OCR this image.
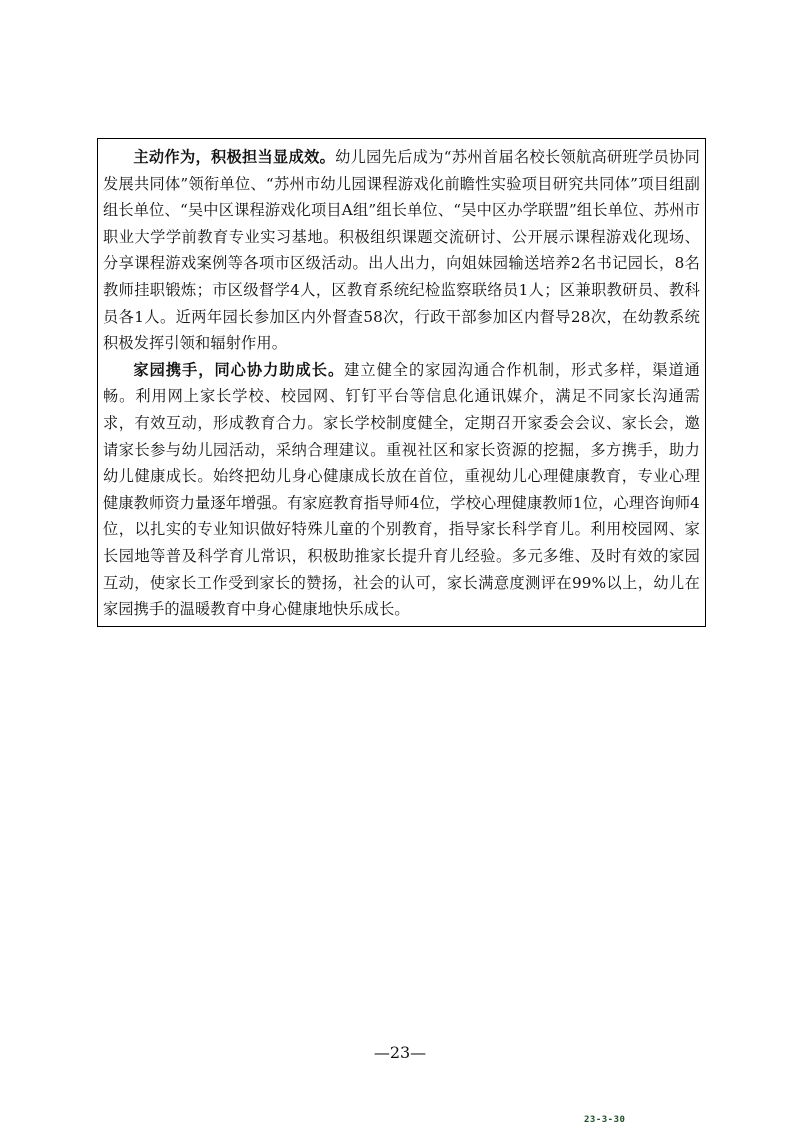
主动作为，积极担当显成效。幼儿园先后成为“苏州首届名校长领航高研班学员协同发展共同体”领衔单位、“苏州市幼儿园课程游戏化前瞻性实验项目研究共同体”项目组副组长单位、“吴中区课程游戏化项目A组”组长单位、“吴中区办学联盟”组长单位、苏州市职业大学学前教育专业实习基地。积极组织课题交流研讨、公开展示课程游戏化现场、分享课程游戏案例等各项市区级活动。出人出力，向姐妹园输送培养2名书记园长，8名教师挂职锻炼；市区级督学4人，区教育系统纪检监察联络员1人；区兼职教研员、教科员各1人。近两年园长参加区内外督查58次，行政干部参加区内督导28次，在幼教系统积极发挥引领和辐射作用。

家园携手，同心协力助成长。建立健全的家园沟通合作机制，形式多样，渠道通畅。利用网上家长学校、校园网、钉钉平台等信息化通讯媒介，满足不同家长沟通需求，有效互动，形成教育合力。家长学校制度健全，定期召开家委会会议、家长会，邀请家长参与幼儿园活动，采纳合理建议。重视社区和家长资源的挖掘，多方携手，助力幼儿健康成长。始终把幼儿身心健康成长放在首位，重视幼儿心理健康教育，专业心理健康教师资力量逐年增强。有家庭教育指导师4位，学校心理健康教师1位，心理咨询师4位，以扎实的专业知识做好特殊儿童的个别教育，指导家长科学育儿。利用校园网、家长园地等普及科学育儿常识，积极助推家长提升育儿经验。多元多维、及时有效的家园互动，使家长工作受到家长的赞扬，社会的认可，家长满意度测评在99%以上，幼儿在家园携手的温暖教育中身心健康地快乐成长。

—23—
23-3-30
